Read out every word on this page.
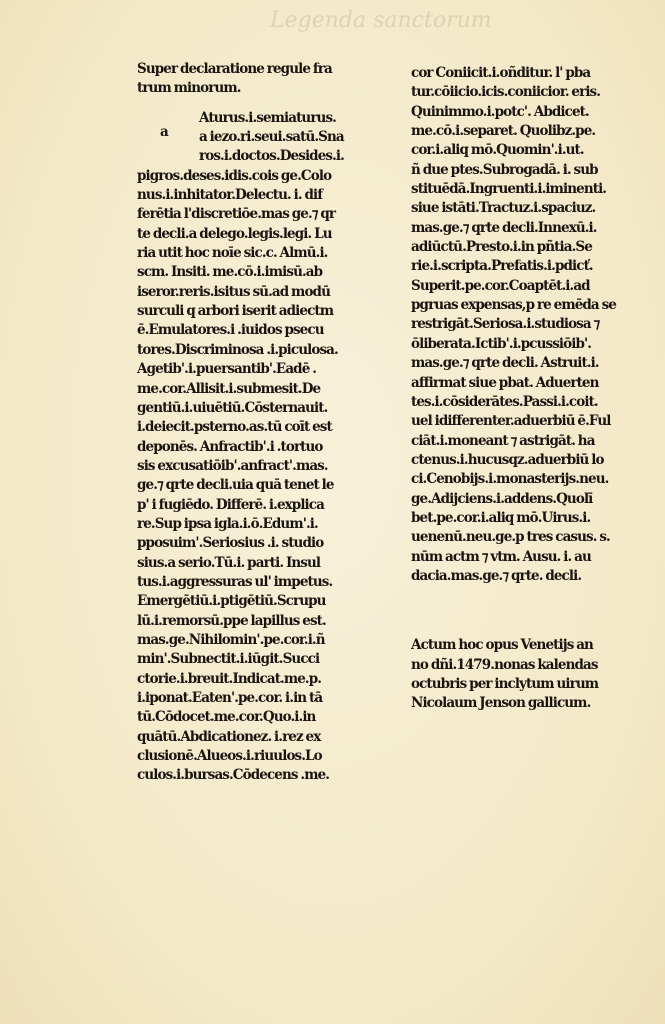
Legenda sanctorum
Super declaratione regule fra
trum minorum.
Aturus.i.semiaturus.
a iezo.ri.seui.satū.Sna
ros.i.doctos.Desides.i.
pigros.deses.idis.cois ge.Colo
nus.i.inhitator.Delectu. i. dif
ferētia l'discretiōe.mas ge.⁊ qr
te decli.a delego.legis.legi. Lu
ria utit hoc noīe sic.c. Almū.i.
scm. Insiti. me.cō.i.imisū.ab
iseror.reris.isitus sū.ad modū
surculi q arbori iserit adiectm
ē.Emulatores.i .iuidos psecu
tores.Discriminosa .i.piculosa.
Agetib'.i.puersantib'.Eadē .
me.cor.Allisit.i.submesit.De
gentiū.i.uiuētiū.Cōsternauit.
i.deiecit.psterno.as.tū coīt est
deponēs. Anfractib'.i .tortuo
sis excusatiōib'.anfract'.mas.
ge.⁊ qrte decli.uia quā tenet le
p' i fugiēdo. Differē. i.explica
re.Sup ipsa igla.i.ō.Edum'.i.
pposuim'.Seriosius .i. studio
sius.a serio.Tū.i. parti. Insul
tus.i.aggressuras ul' impetus.
Emergētiū.i.ptigētiū.Scrupu
lū.i.remorsū.ppe lapillus est.
mas.ge.Nihilomin'.pe.cor.i.ñ
min'.Subnectit.i.iūgit.Succi
ctorie.i.breuit.Indicat.me.p.
i.iponat.Eaten'.pe.cor. i.in tā
tū.Cōdocet.me.cor.Quo.i.in
quātū.Abdicationez. i.rez ex
clusionē.Alueos.i.riuulos.Lo
culos.i.bursas.Cōdecens .me.
a
cor Coniicit.i.oñditur. l' pba
tur.cōiicio.icis.coniicior. eris.
Quinimmo.i.potc'. Abdicet.
me.cō.i.separet. Quolibz.pe.
cor.i.aliq mō.Quomin'.i.ut.
ñ due ptes.Subrogadā. i. sub
stituēdā.Ingruenti.i.iminenti.
siue istāti.Tractuz.i.spaciuz.
mas.ge.⁊ qrte decli.Innexū.i.
adiūctū.Presto.i.in pñtia.Se
rie.i.scripta.Prefatis.i.pdicť.
Superit.pe.cor.Coaptēt.i.ad
pgruas expensas,p re emēda se
restrigāt.Seriosa.i.studiosa ⁊
ōliberata.Ictib'.i.pcussiōib'.
mas.ge.⁊ qrte decli. Astruit.i.
affirmat siue pbat. Aduerten
tes.i.cōsiderātes.Passi.i.coit.
uel idifferenter.aduerbiū ē.Ful
ciāt.i.moneant ⁊ astrigāt. ha
ctenus.i.hucusqz.aduerbiū lo
ci.Cenobijs.i.monasterijs.neu.
ge.Adijciens.i.addens.Quolī
bet.pe.cor.i.aliq mō.Uirus.i.
uenenū.neu.ge.p tres casus. s.
nūm actm ⁊ vtm. Ausu. i. au
dacia.mas.ge.⁊ qrte. decli.
Actum hoc opus Venetijs an
no dñi.1479.nonas kalendas
octubris per inclytum uirum
Nicolaum Jenson gallicum.
